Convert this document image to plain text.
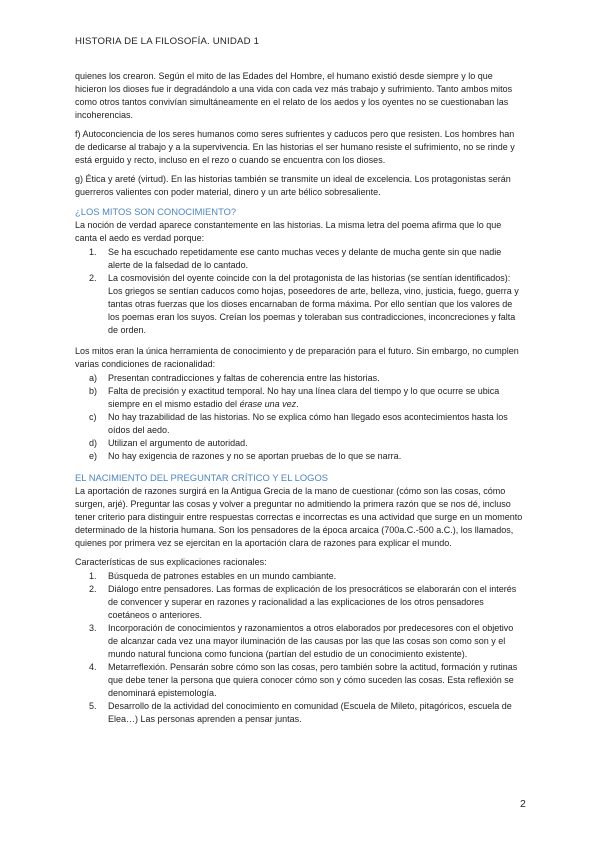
HISTORIA DE LA FILOSOFÍA. UNIDAD 1

quienes los crearon. Según el mito de las Edades del Hombre, el humano existió desde siempre y lo que hicieron los dioses fue ir degradándolo a una vida con cada vez más trabajo y sufrimiento. Tanto ambos mitos como otros tantos convivían simultáneamente en el relato de los aedos y los oyentes no se cuestionaban las incoherencias.

f) Autoconciencia de los seres humanos como seres sufrientes y caducos pero que resisten. Los hombres han de dedicarse al trabajo y a la supervivencia. En las historias el ser humano resiste el sufrimiento, no se rinde y está erguido y recto, incluso en el rezo o cuando se encuentra con los dioses.

g) Ética y areté (virtud). En las historias también se transmite un ideal de excelencia. Los protagonistas serán guerreros valientes con poder material, dinero y un arte bélico sobresaliente.

¿LOS MITOS SON CONOCIMIENTO?

La noción de verdad aparece constantemente en las historias. La misma letra del poema afirma que lo que canta el aedo es verdad porque:

1. Se ha escuchado repetidamente ese canto muchas veces y delante de mucha gente sin que nadie alerte de la falsedad de lo cantado.
2. La cosmovisión del oyente coincide con la del protagonista de las historias (se sentían identificados): Los griegos se sentían caducos como hojas, poseedores de arte, belleza, vino, justicia, fuego, guerra y tantas otras fuerzas que los dioses encarnaban de forma máxima. Por ello sentían que los valores de los poemas eran los suyos. Creían los poemas y toleraban sus contradicciones, inconcreciones y falta de orden.

Los mitos eran la única herramienta de conocimiento y de preparación para el futuro. Sin embargo, no cumplen varias condiciones de racionalidad:

a) Presentan contradicciones y faltas de coherencia entre las historias.
b) Falta de precisión y exactitud temporal. No hay una línea clara del tiempo y lo que ocurre se ubica siempre en el mismo estadio del érase una vez.
c) No hay trazabilidad de las historias. No se explica cómo han llegado esos acontecimientos hasta los oídos del aedo.
d) Utilizan el argumento de autoridad.
e) No hay exigencia de razones y no se aportan pruebas de lo que se narra.
EL NACIMIENTO DEL PREGUNTAR CRÍTICO Y EL LOGOS

La aportación de razones surgirá en la Antigua Grecia de la mano de cuestionar (cómo son las cosas, cómo surgen, arjé). Preguntar las cosas y volver a preguntar no admitiendo la primera razón que se nos dé, incluso tener criterio para distinguir entre respuestas correctas e incorrectas es una actividad que surge en un momento determinado de la historia humana. Son los pensadores de la época arcaica (700a.C.-500 a.C.), los llamados, quienes por primera vez se ejercitan en la aportación clara de razones para explicar el mundo.

Características de sus explicaciones racionales:

1. Búsqueda de patrones estables en un mundo cambiante.
2. Diálogo entre pensadores. Las formas de explicación de los presocráticos se elaborarán con el interés de convencer y superar en razones y racionalidad a las explicaciones de los otros pensadores coetáneos o anteriores.
3. Incorporación de conocimientos y razonamientos a otros elaborados por predecesores con el objetivo de alcanzar cada vez una mayor iluminación de las causas por las que las cosas son como son y el mundo natural funciona como funciona (partían del estudio de un conocimiento existente).
4. Metarreflexión. Pensarán sobre cómo son las cosas, pero también sobre la actitud, formación y rutinas que debe tener la persona que quiera conocer cómo son y cómo suceden las cosas. Esta reflexión se denominará epistemología.
5. Desarrollo de la actividad del conocimiento en comunidad (Escuela de Mileto, pitagóricos, escuela de Elea…) Las personas aprenden a pensar juntas.
2
